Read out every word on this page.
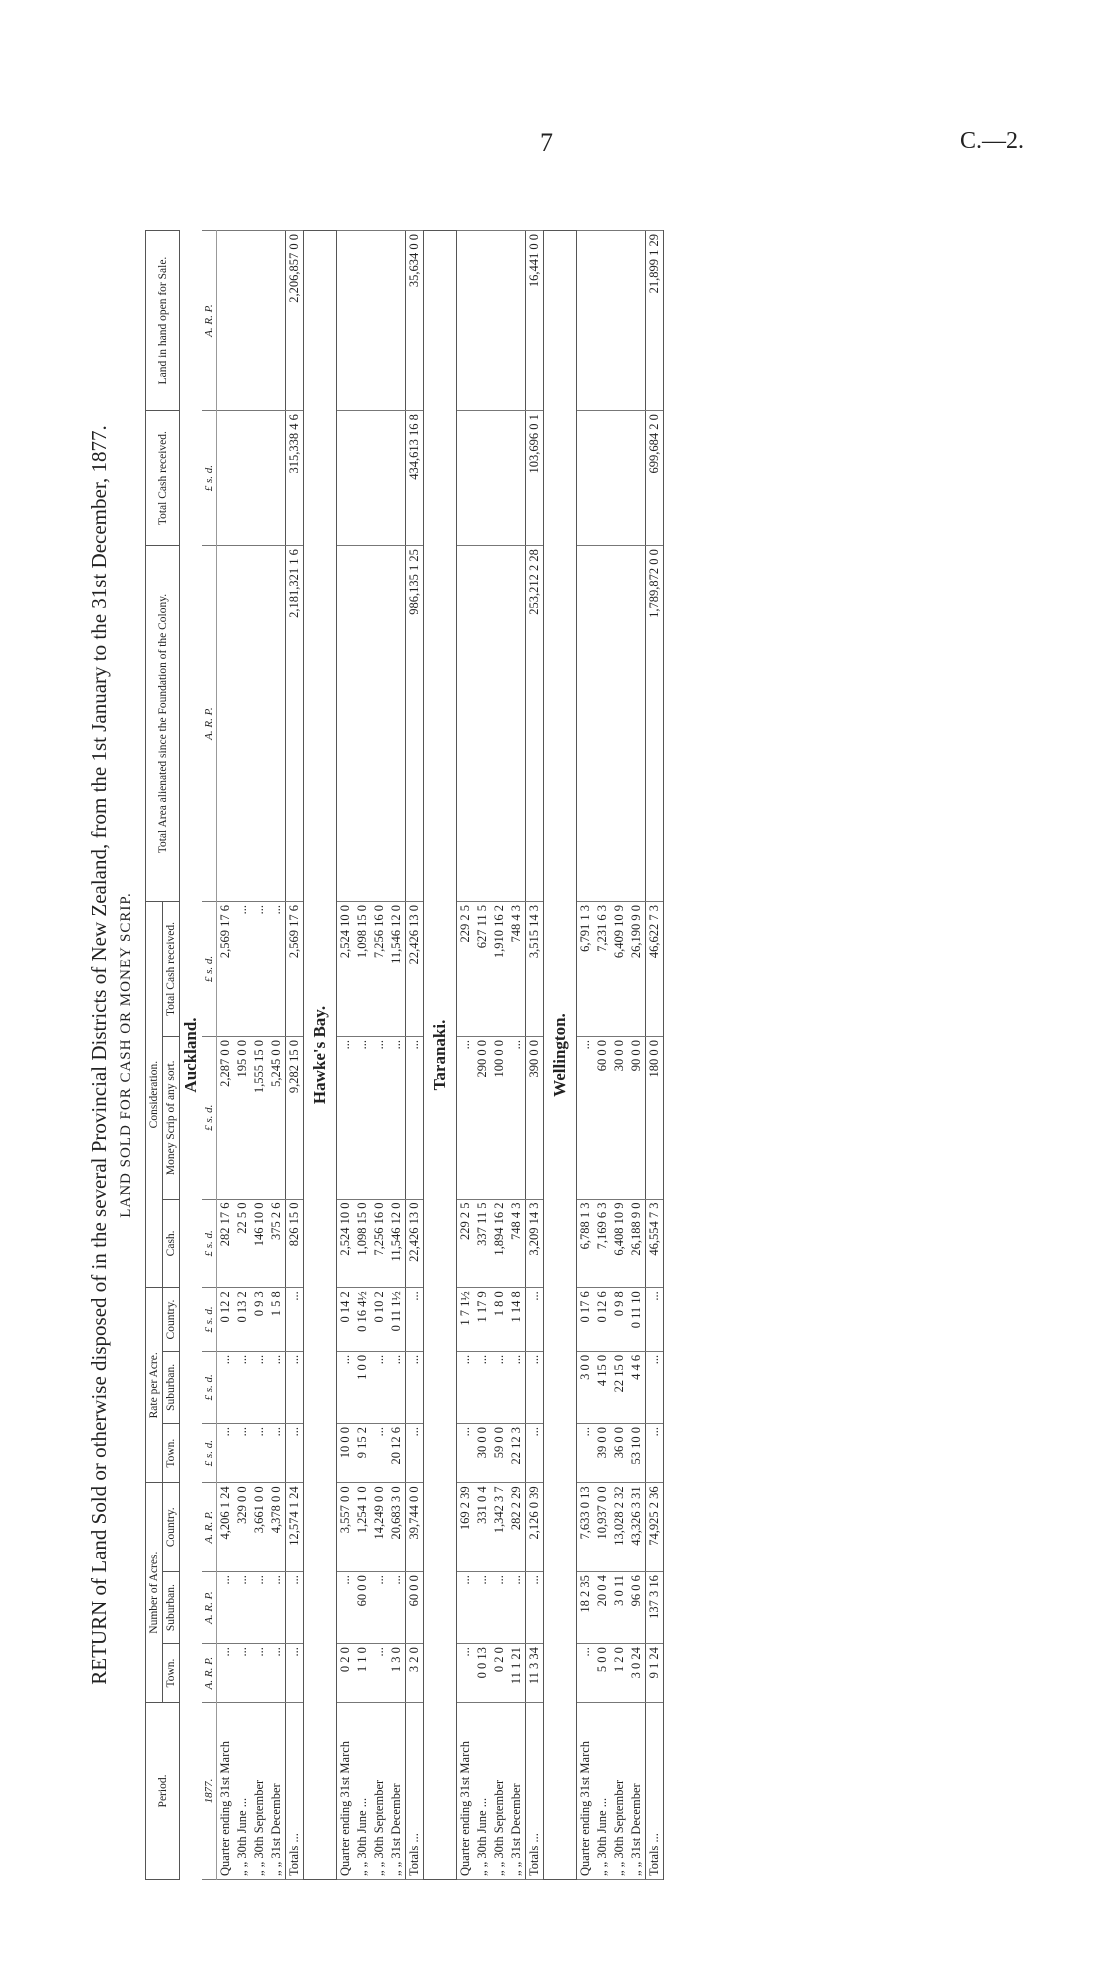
7	C.—2.

RETURN of Land Sold or otherwise disposed of in the several Provincial Districts of New Zealand, from the 1st January to the 31st December, 1877. LAND SOLD FOR CASH OR MONEY SCRIP.

Period.	Number of Acres.			Rate per Acre.			Consideration.			Total Area alienated since the Foundation of the Colony.	Total Cash received.	Land in hand open for Sale.
	Town.	Suburban.	Country.	Town.	Suburban.	Country.	Cash.	Money Scrip of any sort.	Total Cash received.			
Auckland.												
1877.	A. R. P.	A. R. P.	A. R. P.	£ s. d.	£ s. d.	£ s. d.	£ s. d.	£ s. d.	£ s. d.	A. R. P.	£ s. d.	A. R. P.
Quarter ending 31st March	...	...	4,206 1 24	...	...	0 12 2	282 17 6	2,287 0 0	2,569 17 6			
„ „ 30th June ...	...	...	329 0 0	...	...	0 13 2	22 5 0	195 0 0	...			
„ „ 30th September	...	...	3,661 0 0	...	...	0 9 3	146 10 0	1,555 15 0	...			
„ „ 31st December	...	...	4,378 0 0	...	...	1 5 8	375 2 6	5,245 0 0	...			
Totals ...	...	...	12,574 1 24	...	...	...	826 15 0	9,282 15 0	2,569 17 6	2,181,321 1 6	315,338 4 6	2,206,857 0 0
Hawke's Bay.												
Quarter ending 31st March	0 2 0	...	3,557 0 0	10 0 0	...	0 14 2	2,524 10 0	...	2,524 10 0			
„ „ 30th June ...	1 1 0	60 0 0	1,254 1 0	9 15 2	1 0 0	0 16 4½	1,098 15 0	...	1,098 15 0			
„ „ 30th September	...	...	14,249 0 0	...	...	0 10 2	7,256 16 0	...	7,256 16 0			
„ „ 31st December	1 3 0	...	20,683 3 0	20 12 6	...	0 11 1½	11,546 12 0	...	11,546 12 0			
Totals ...	3 2 0	60 0 0	39,744 0 0	...	...	...	22,426 13 0	...	22,426 13 0	986,135 1 25	434,613 16 8	35,634 0 0
Taranaki.												
Quarter ending 31st March	...	...	169 2 39	...	...	1 7 1½	229 2 5	...	229 2 5			
„ „ 30th June ...	0 0 13	...	331 0 4	30 0 0	...	1 17 9	337 11 5	290 0 0	627 11 5			
„ „ 30th September	0 2 0	...	1,342 3 7	59 0 0	...	1 8 0	1,894 16 2	100 0 0	1,910 16 2			
„ „ 31st December	11 1 21	...	282 2 29	22 12 3	...	1 14 8	748 4 3	...	748 4 3			
Totals ...	11 3 34	...	2,126 0 39	...	...	...	3,209 14 3	390 0 0	3,515 14 3	253,212 2 28	103,696 0 1	16,441 0 0
Wellington.												
Quarter ending 31st March	...	18 2 35	7,633 0 13	...	3 0 0	0 17 6	6,788 1 3	...	6,791 1 3			
„ „ 30th June ...	5 0 0	20 0 4	10,937 0 0	39 0 0	4 15 0	0 12 6	7,169 6 3	60 0 0	7,231 6 3			
„ „ 30th September	1 2 0	3 0 11	13,028 2 32	36 0 0	22 15 0	0 9 8	6,408 10 9	30 0 0	6,409 10 9			
„ „ 31st December	3 0 24	96 0 6	43,326 3 31	53 10 0	4 4 6	0 11 10	26,188 9 0	90 0 0	26,190 9 0			
Totals ...	9 1 24	137 3 16	74,925 2 36	...	...	...	46,554 7 3	180 0 0	46,622 7 3	1,789,872 0 0	699,684 2 0	21,899 1 29
